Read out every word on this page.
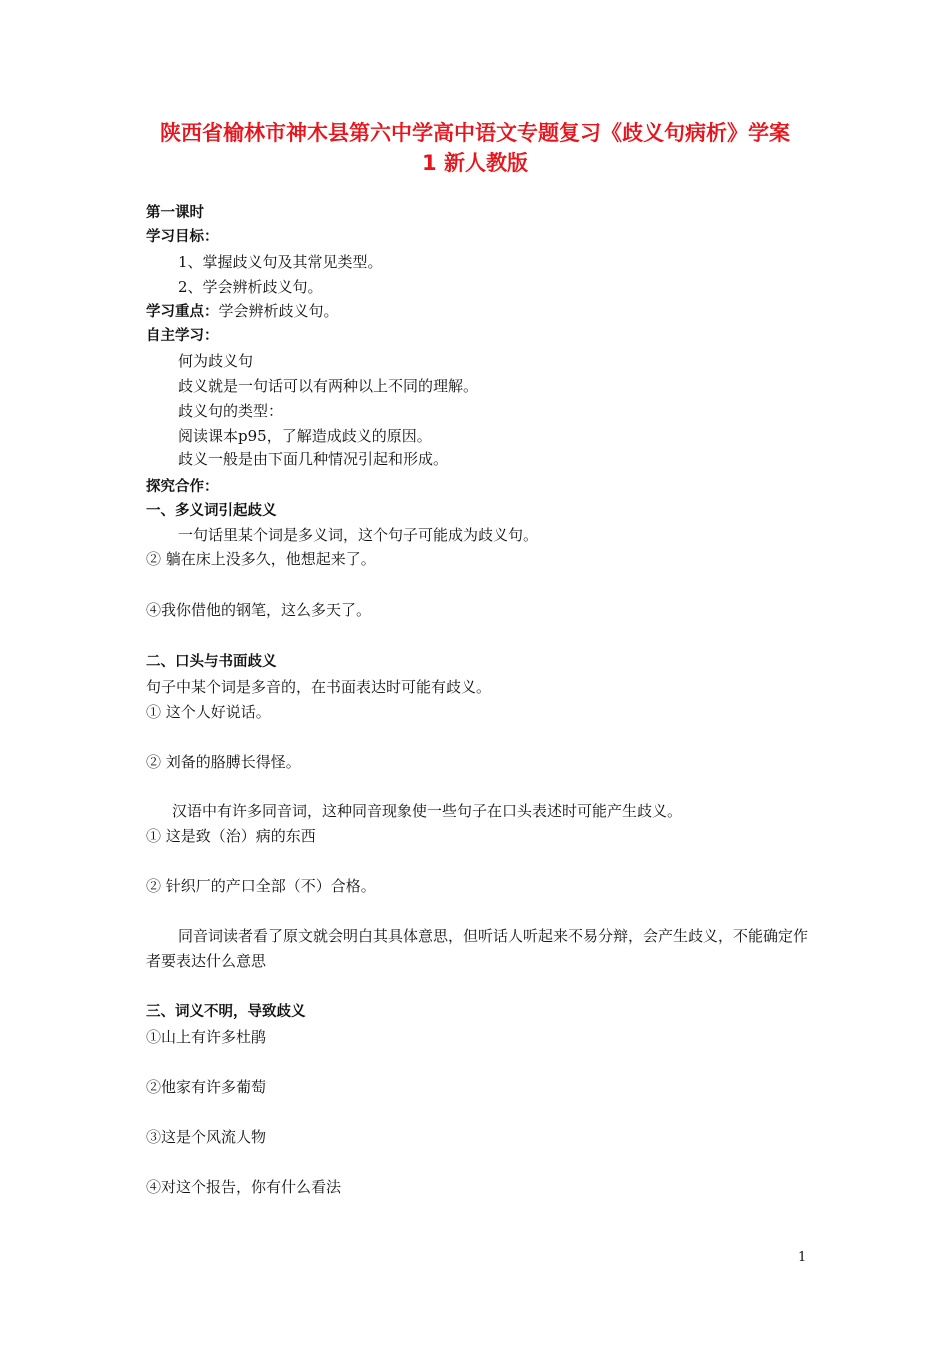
陕西省榆林市神木县第六中学高中语文专题复习《歧义句病析》学案
1 新人教版
第一课时
学习目标：
1、掌握歧义句及其常见类型。
2、学会辨析歧义句。
学习重点：学会辨析歧义句。
自主学习：
何为歧义句
歧义就是一句话可以有两种以上不同的理解。
歧义句的类型：
阅读课本p95，了解造成歧义的原因。
歧义一般是由下面几种情况引起和形成。
探究合作：
一、多义词引起歧义
一句话里某个词是多义词，这个句子可能成为歧义句。
② 躺在床上没多久，他想起来了。
④我你借他的钢笔，这么多天了。
二、口头与书面歧义
句子中某个词是多音的，在书面表达时可能有歧义。
① 这个人好说话。
② 刘备的胳膊长得怪。
汉语中有许多同音词，这种同音现象使一些句子在口头表述时可能产生歧义。
① 这是致（治）病的东西
② 针织厂的产口全部（不）合格。
同音词读者看了原文就会明白其具体意思，但听话人听起来不易分辩，会产生歧义，不能确定作者要表达什么意思
三、词义不明，导致歧义
①山上有许多杜鹃
②他家有许多葡萄
③这是个风流人物
④对这个报告，你有什么看法
1
